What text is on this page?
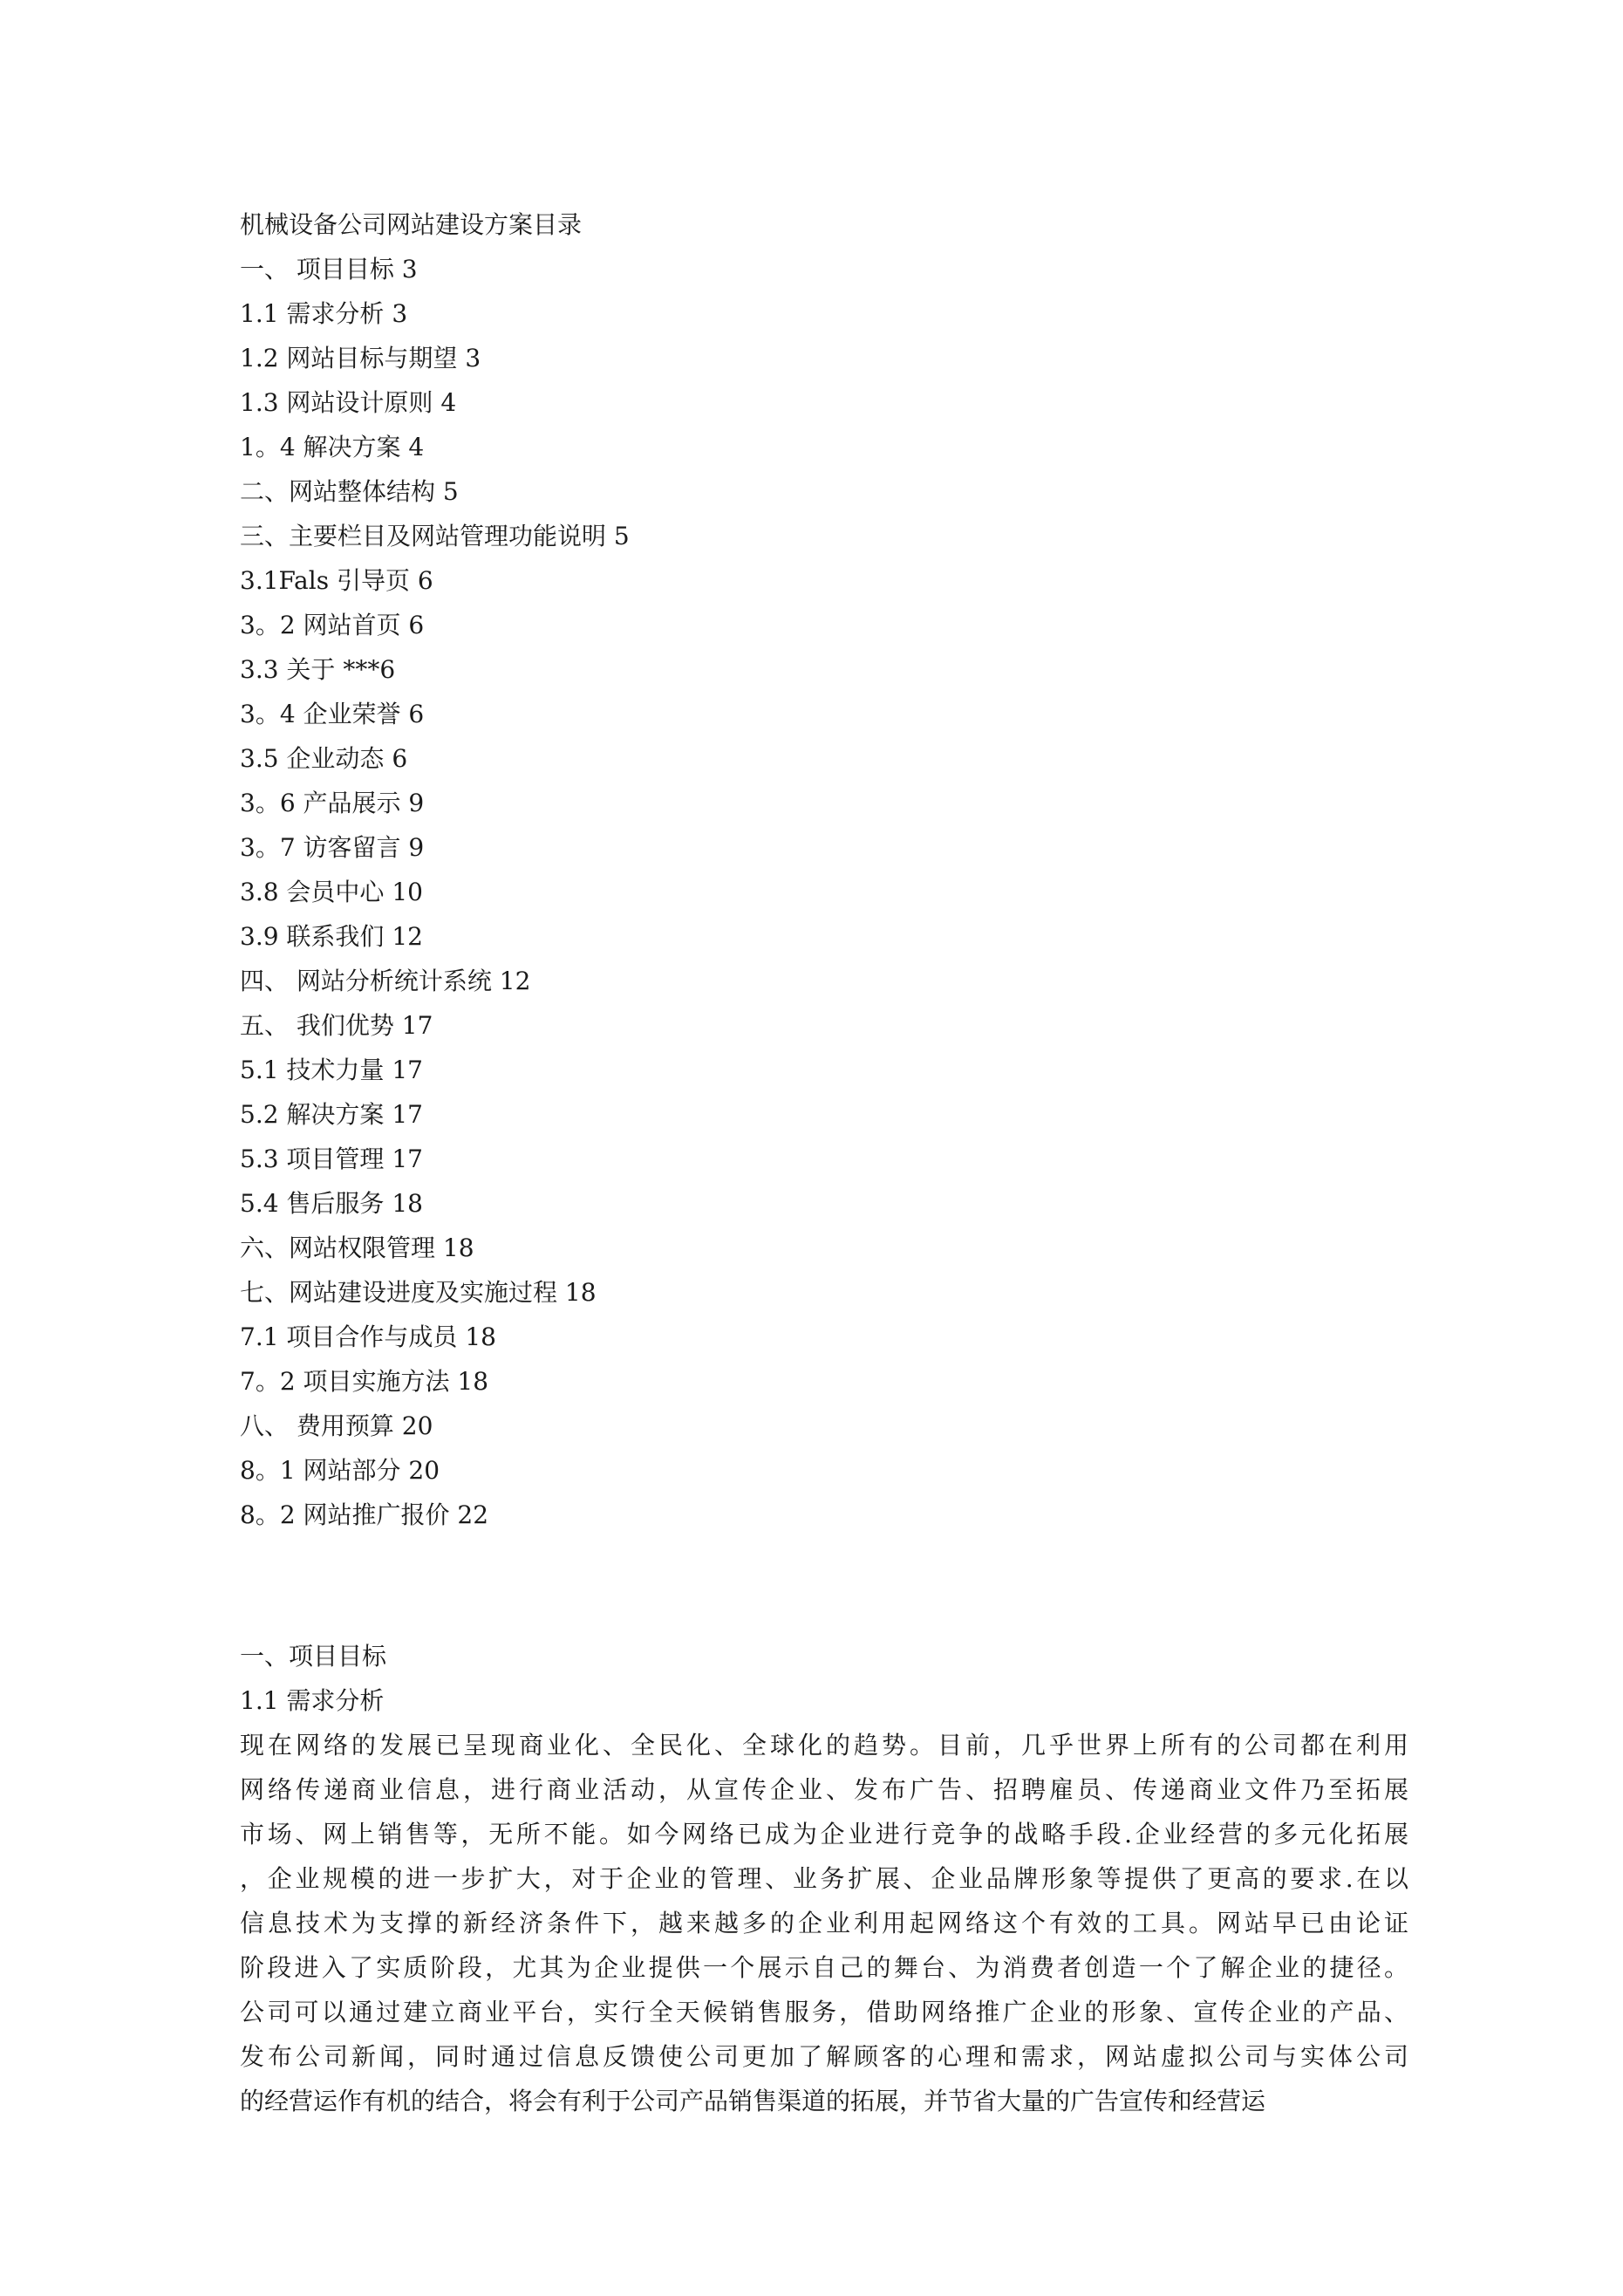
机械设备公司网站建设方案目录
一、 项目目标 3
1.1 需求分析 3
1.2 网站目标与期望 3
1.3 网站设计原则 4
1。4 解决方案 4
二、网站整体结构 5
三、主要栏目及网站管理功能说明 5
3.1Fals 引导页 6
3。2 网站首页 6
3.3 关于 ***6
3。4 企业荣誉 6
3.5 企业动态 6
3。6 产品展示 9
3。7 访客留言 9
3.8 会员中心 10
3.9 联系我们 12
四、 网站分析统计系统 12
五、 我们优势 17
5.1 技术力量 17
5.2 解决方案 17
5.3 项目管理 17
5.4 售后服务 18
六、网站权限管理 18
七、网站建设进度及实施过程 18
7.1 项目合作与成员 18
7。2 项目实施方法 18
八、 费用预算 20
8。1 网站部分 20
8。2 网站推广报价 22
一、项目目标
1.1 需求分析

现在网络的发展已呈现商业化、全民化、全球化的趋势。目前，几乎世界上所有的公司都在利用

网络传递商业信息，进行商业活动，从宣传企业、发布广告、招聘雇员、传递商业文件乃至拓展

市场、网上销售等，无所不能。如今网络已成为企业进行竞争的战略手段.企业经营的多元化拓展

，企业规模的进一步扩大，对于企业的管理、业务扩展、企业品牌形象等提供了更高的要求.在以

信息技术为支撑的新经济条件下，越来越多的企业利用起网络这个有效的工具。网站早已由论证

阶段进入了实质阶段，尤其为企业提供一个展示自己的舞台、为消费者创造一个了解企业的捷径。

公司可以通过建立商业平台，实行全天候销售服务，借助网络推广企业的形象、宣传企业的产品、

发布公司新闻，同时通过信息反馈使公司更加了解顾客的心理和需求，网站虚拟公司与实体公司

的经营运作有机的结合，将会有利于公司产品销售渠道的拓展，并节省大量的广告宣传和经营运
